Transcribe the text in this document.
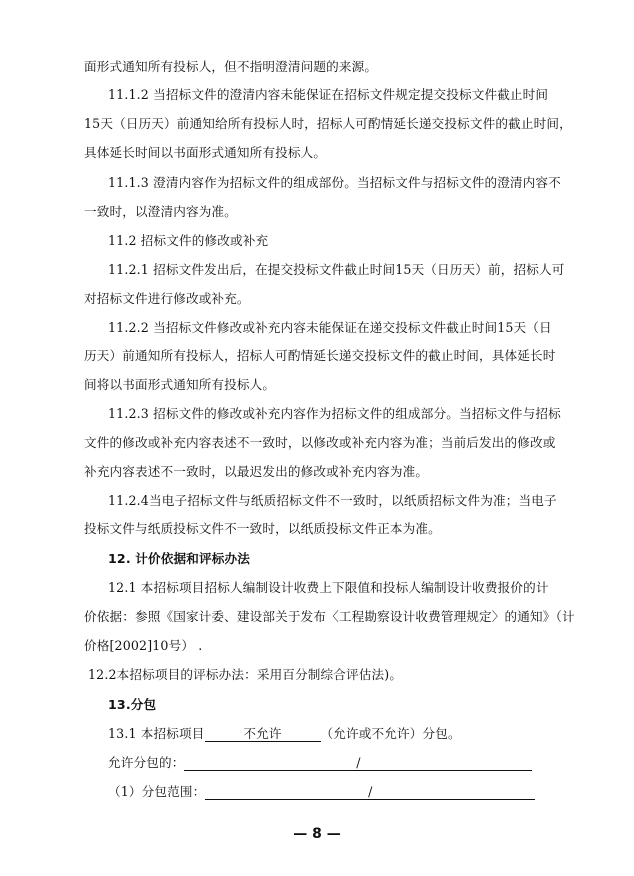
面形式通知所有投标人，但不指明澄清问题的来源。
11.1.2 当招标文件的澄清内容未能保证在招标文件规定提交投标文件截止时间
15天（日历天）前通知给所有投标人时，招标人可酌情延长递交投标文件的截止时间，
具体延长时间以书面形式通知所有投标人。
11.1.3 澄清内容作为招标文件的组成部份。当招标文件与招标文件的澄清内容不
一致时，以澄清内容为准。
11.2 招标文件的修改或补充
11.2.1 招标文件发出后，在提交投标文件截止时间15天（日历天）前，招标人可
对招标文件进行修改或补充。
11.2.2 当招标文件修改或补充内容未能保证在递交投标文件截止时间15天（日
历天）前通知所有投标人，招标人可酌情延长递交投标文件的截止时间，具体延长时
间将以书面形式通知所有投标人。
11.2.3 招标文件的修改或补充内容作为招标文件的组成部分。当招标文件与招标
文件的修改或补充内容表述不一致时，以修改或补充内容为准；当前后发出的修改或
补充内容表述不一致时，以最迟发出的修改或补充内容为准。
11.2.4当电子招标文件与纸质招标文件不一致时，以纸质招标文件为准；当电子
投标文件与纸质投标文件不一致时，以纸质投标文件正本为准。
12. 计价依据和评标办法
12.1 本招标项目招标人编制设计收费上下限值和投标人编制设计收费报价的计
价依据：参照《国家计委、建设部关于发布〈工程勘察设计收费管理规定〉的通知》（计
价格[2002]10号） .
12.2本招标项目的评标办法：采用百分制综合评估法)。
13.分包
13.1 本招标项目	不允许	（允许或不允许）分包。
允许分包的：	/
（1）分包范围：	/
— 8 —
